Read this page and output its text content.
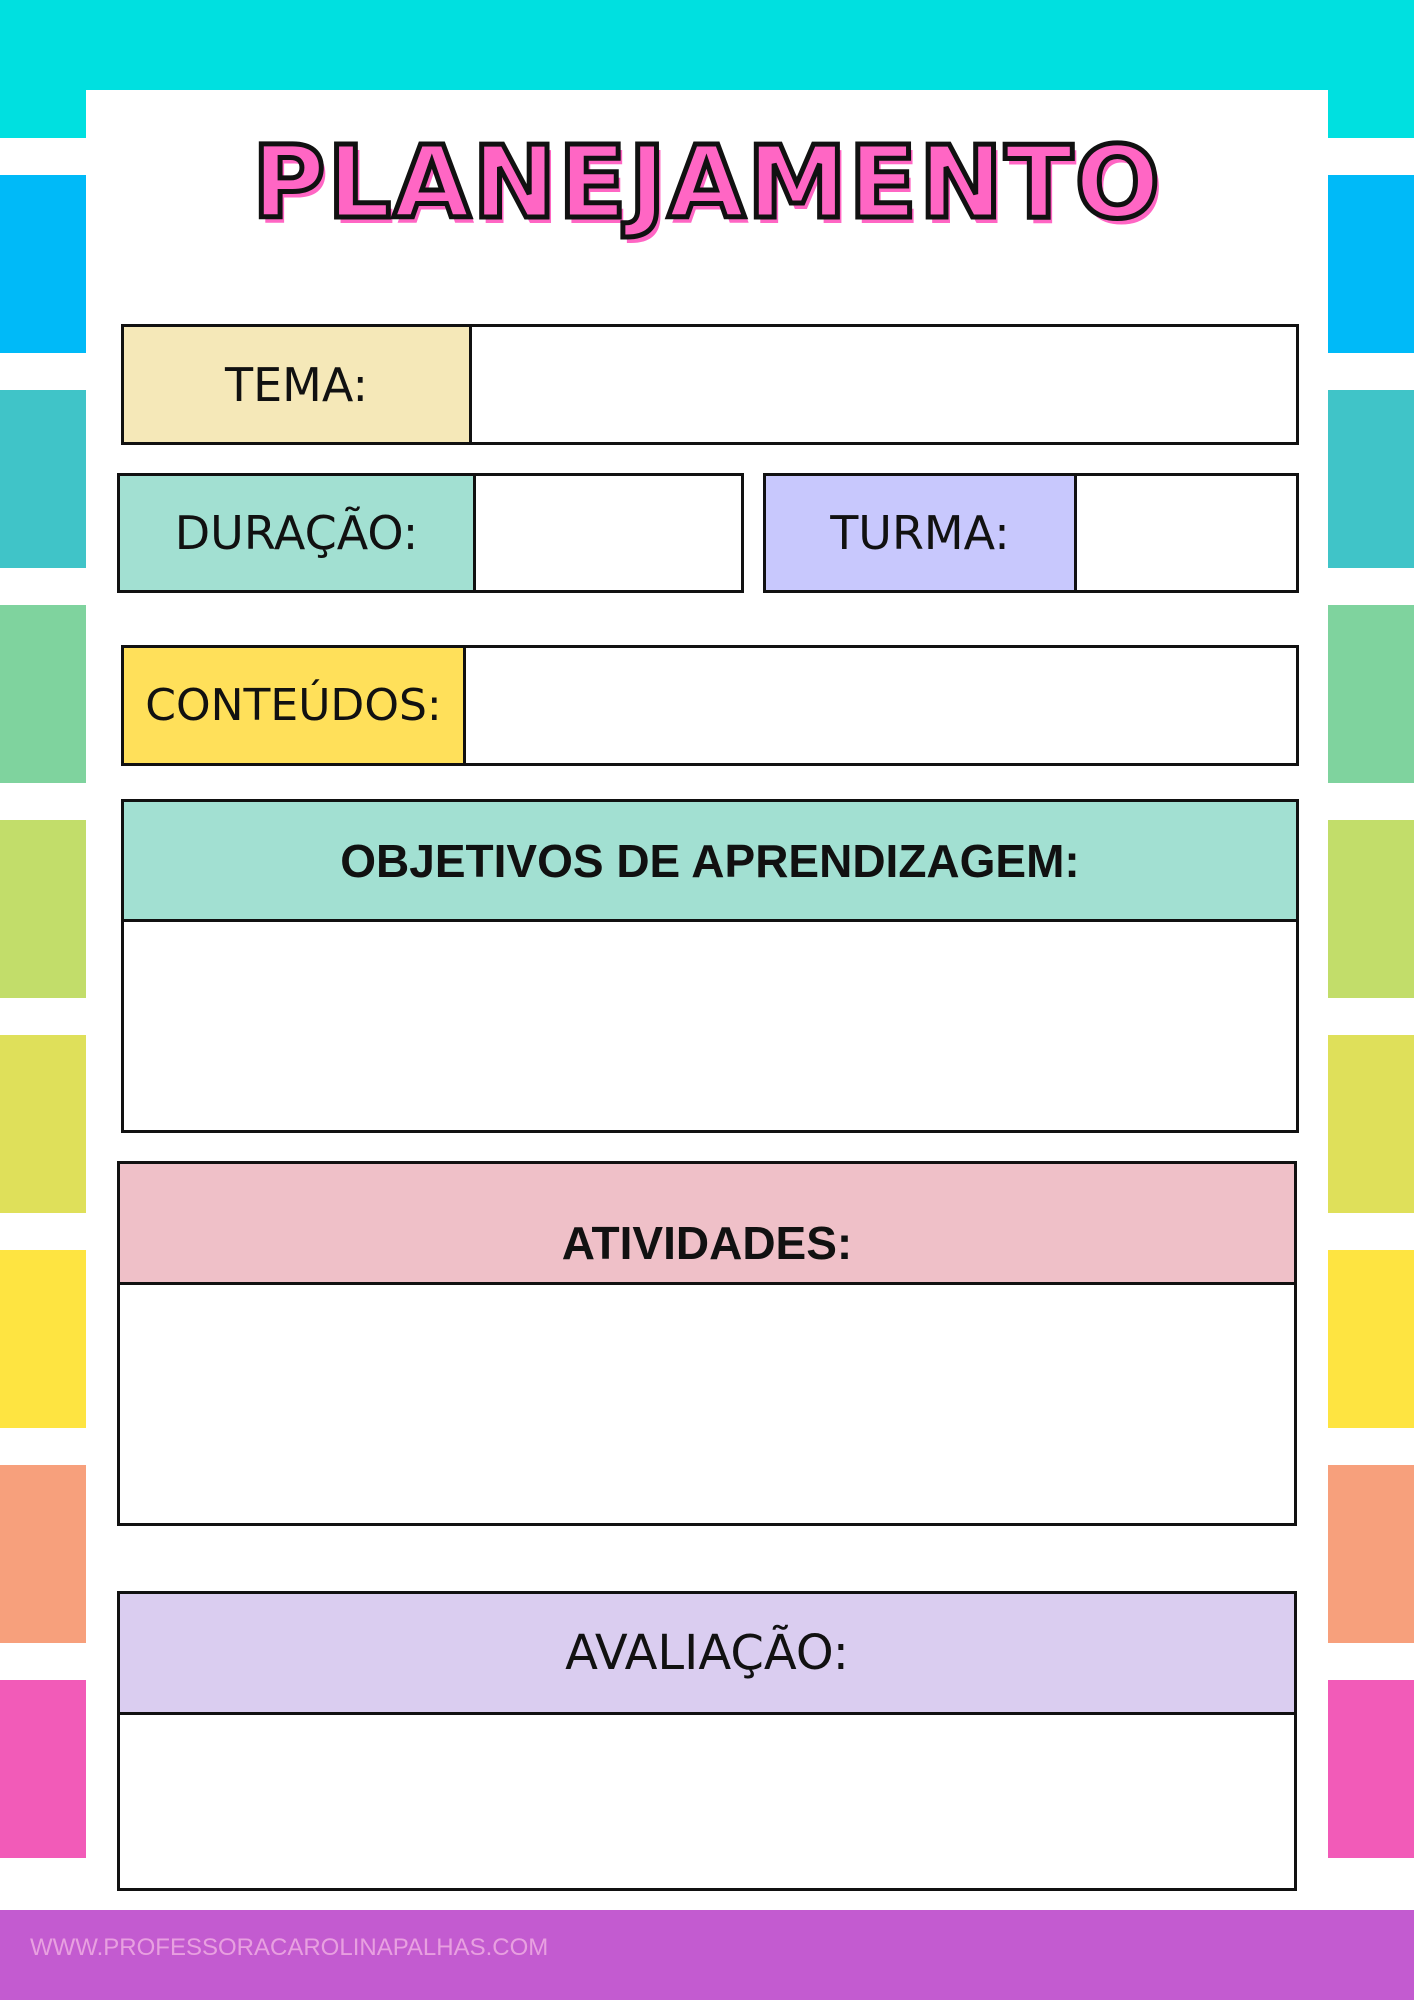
PLANEJAMENTO
TEMA:
DURAÇÃO:	TURMA:
CONTEÚDOS:
OBJETIVOS DE APRENDIZAGEM:
ATIVIDADES:
AVALIAÇÃO:
WWW.PROFESSORACAROLINAPALHAS.COM
